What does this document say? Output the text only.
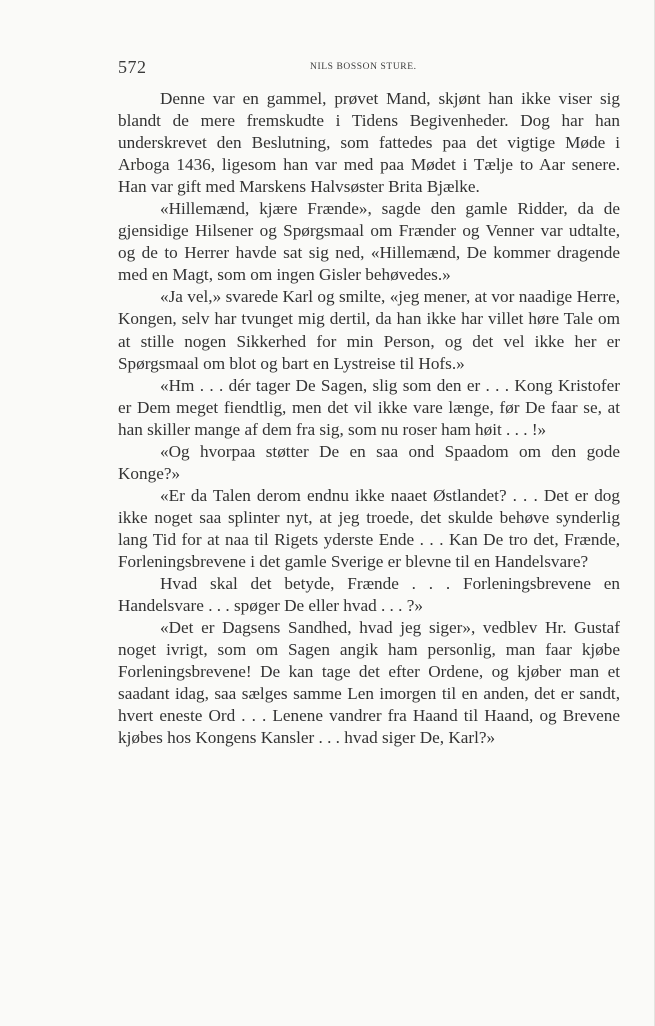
572	NILS BOSSON STURE.

Denne var en gammel, prøvet Mand, skjønt han ikke viser sig blandt de mere fremskudte i Tidens Begivenheder. Dog har han underskrevet den Beslutning, som fattedes paa det vigtige Møde i Arboga 1436, ligesom han var med paa Mødet i Tælje to Aar senere. Han var gift med Marskens Halvsøster Brita Bjælke.

«Hillemænd, kjære Frænde», sagde den gamle Ridder, da de gjensidige Hilsener og Spørgsmaal om Frænder og Venner var udtalte, og de to Herrer havde sat sig ned, «Hillemænd, De kommer dragende med en Magt, som om ingen Gisler behøvedes.»

«Ja vel,» svarede Karl og smilte, «jeg mener, at vor naadige Herre, Kongen, selv har tvunget mig dertil, da han ikke har villet høre Tale om at stille nogen Sikkerhed for min Person, og det vel ikke her er Spørgsmaal om blot og bart en Lystreise til Hofs.»

«Hm . . . dér tager De Sagen, slig som den er . . . Kong Kristofer er Dem meget fiendtlig, men det vil ikke vare længe, før De faar se, at han skiller mange af dem fra sig, som nu roser ham høit . . . !»

«Og hvorpaa støtter De en saa ond Spaadom om den gode Konge?»

«Er da Talen derom endnu ikke naaet Østlandet? . . . Det er dog ikke noget saa splinter nyt, at jeg troede, det skulde behøve synderlig lang Tid for at naa til Rigets yderste Ende . . . Kan De tro det, Frænde, Forleningsbrevene i det gamle Sverige er blevne til en Handelsvare?

Hvad skal det betyde, Frænde . . . Forleningsbrevene en Handelsvare . . . spøger De eller hvad . . . ?»

«Det er Dagsens Sandhed, hvad jeg siger», vedblev Hr. Gustaf noget ivrigt, som om Sagen angik ham personlig, man faar kjøbe Forleningsbrevene! De kan tage det efter Ordene, og kjøber man et saadant idag, saa sælges samme Len imorgen til en anden, det er sandt, hvert eneste Ord . . . Lenene vandrer fra Haand til Haand, og Brevene kjøbes hos Kongens Kansler . . . hvad siger De, Karl?»
